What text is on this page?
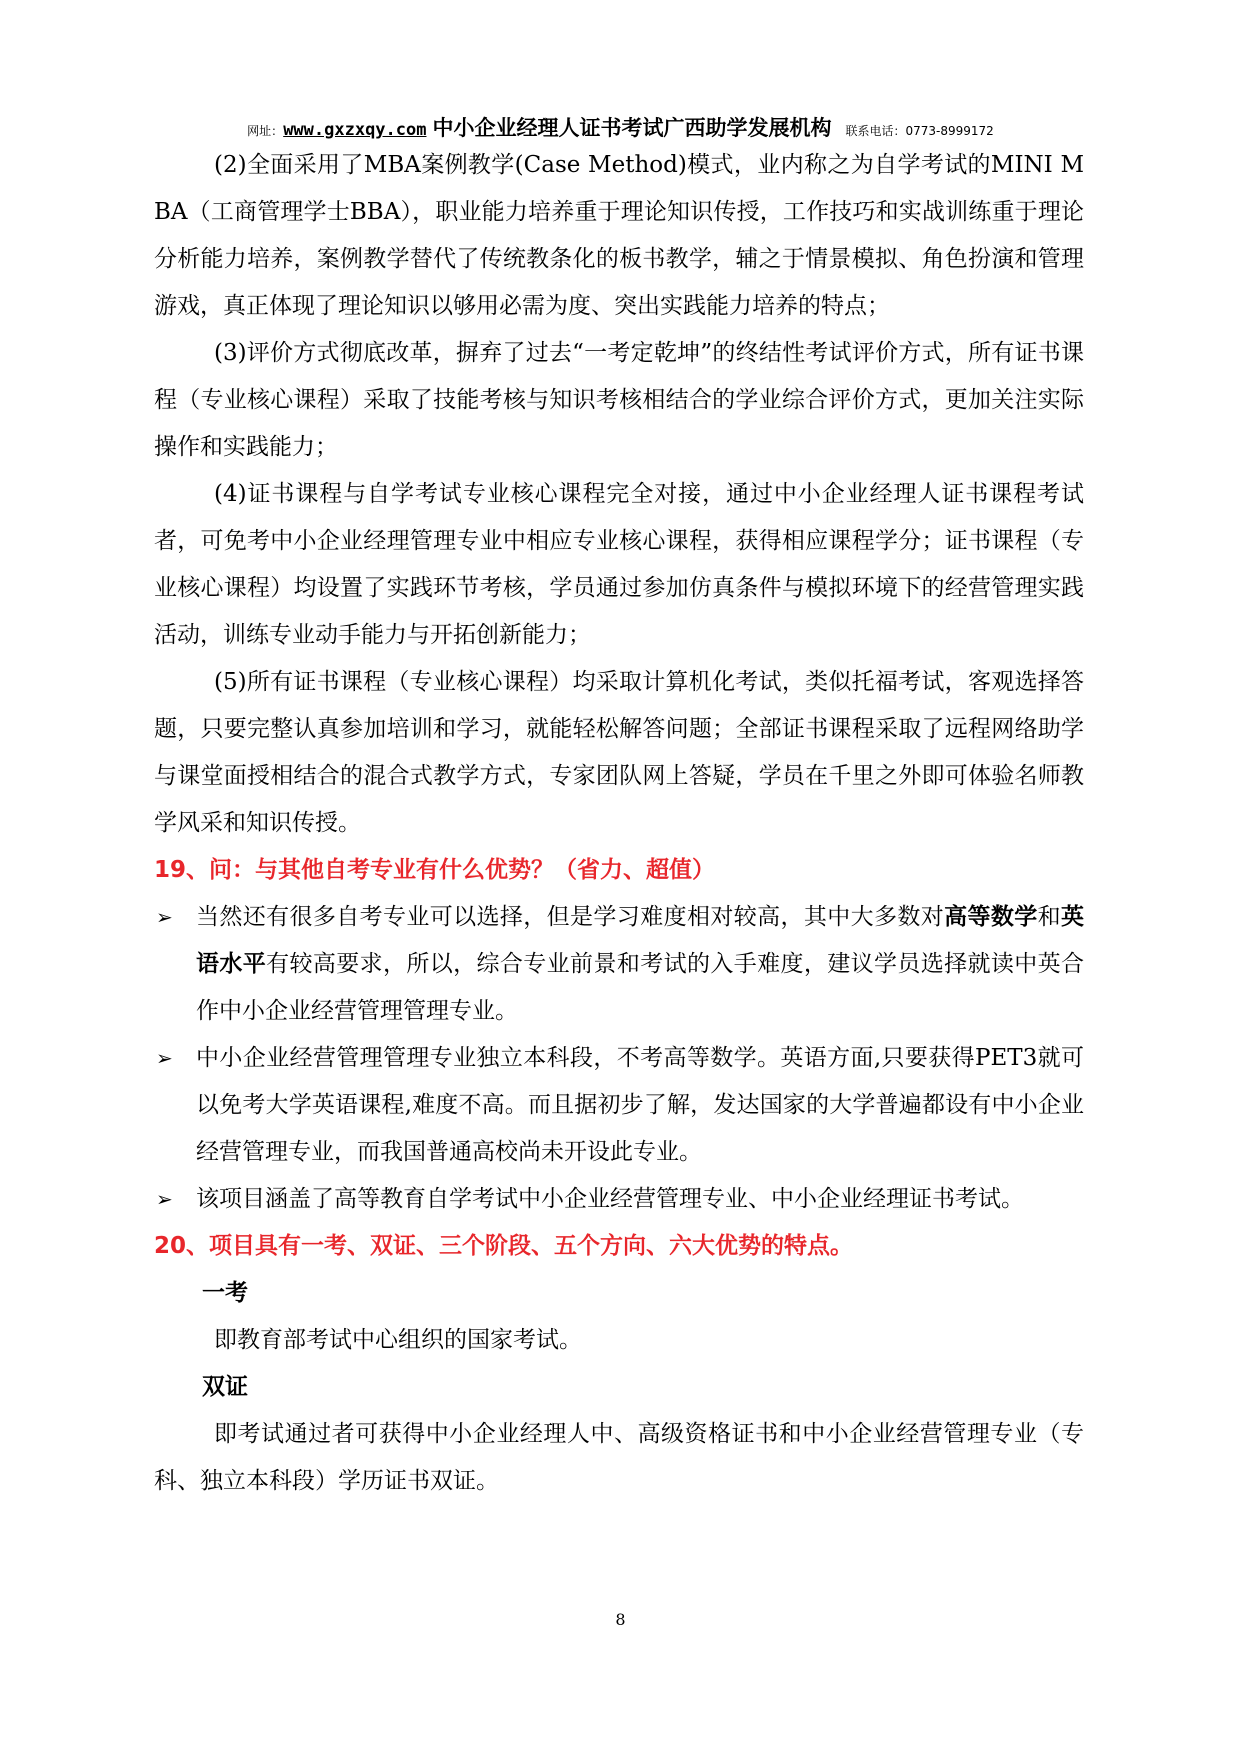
网址：www.gxzxqy.com 中小企业经理人证书考试广西助学发展机构 联系电话：0773-8999172

(2)全面采用了MBA案例教学(Case Method)模式，业内称之为自学考试的MINI MBA（工商管理学士BBA），职业能力培养重于理论知识传授，工作技巧和实战训练重于理论分析能力培养，案例教学替代了传统教条化的板书教学，辅之于情景模拟、角色扮演和管理游戏，真正体现了理论知识以够用必需为度、突出实践能力培养的特点；

(3)评价方式彻底改革，摒弃了过去“一考定乾坤”的终结性考试评价方式，所有证书课程（专业核心课程）采取了技能考核与知识考核相结合的学业综合评价方式，更加关注实际操作和实践能力；

(4)证书课程与自学考试专业核心课程完全对接，通过中小企业经理人证书课程考试者，可免考中小企业经理管理专业中相应专业核心课程，获得相应课程学分；证书课程（专业核心课程）均设置了实践环节考核，学员通过参加仿真条件与模拟环境下的经营管理实践活动，训练专业动手能力与开拓创新能力；

(5)所有证书课程（专业核心课程）均采取计算机化考试，类似托福考试，客观选择答题，只要完整认真参加培训和学习，就能轻松解答问题；全部证书课程采取了远程网络助学与课堂面授相结合的混合式教学方式，专家团队网上答疑，学员在千里之外即可体验名师教学风采和知识传授。

19、问：与其他自考专业有什么优势？（省力、超值）

➢ 当然还有很多自考专业可以选择，但是学习难度相对较高，其中大多数对高等数学和英语水平有较高要求，所以，综合专业前景和考试的入手难度，建议学员选择就读中英合作中小企业经营管理管理专业。
➢ 中小企业经营管理管理专业独立本科段，不考高等数学。英语方面,只要获得PET3就可以免考大学英语课程,难度不高。而且据初步了解，发达国家的大学普遍都设有中小企业经营管理专业，而我国普通高校尚未开设此专业。
➢ 该项目涵盖了高等教育自学考试中小企业经营管理专业、中小企业经理证书考试。

20、项目具有一考、双证、三个阶段、五个方向、六大优势的特点。

一考

即教育部考试中心组织的国家考试。

双证

即考试通过者可获得中小企业经理人中、高级资格证书和中小企业经营管理专业（专科、独立本科段）学历证书双证。

8
